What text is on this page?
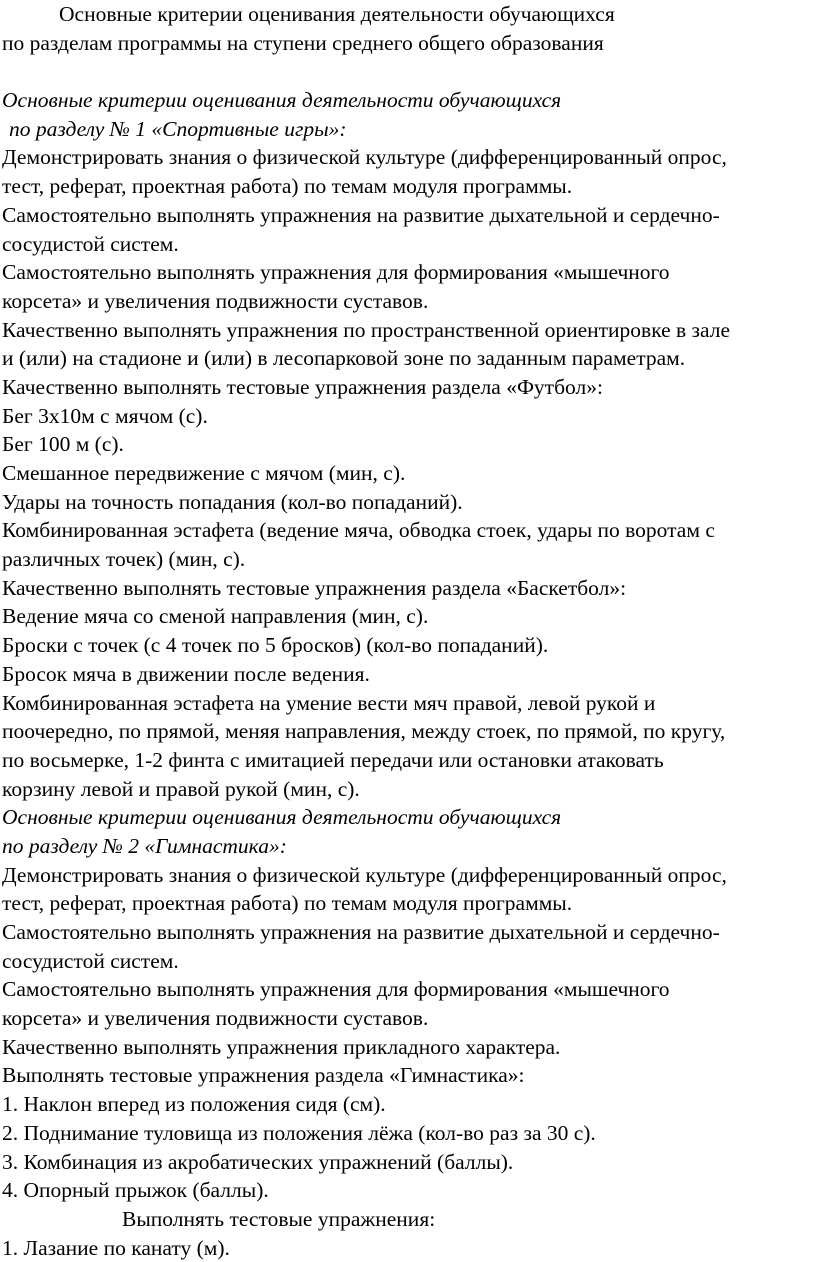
Основные критерии оценивания деятельности обучающихся
по разделам программы на ступени среднего общего образования
Основные критерии оценивания деятельности обучающихся
по разделу № 1 «Спортивные игры»:
Демонстрировать знания о физической культуре (дифференцированный опрос,
тест, реферат, проектная работа) по темам модуля программы.
Самостоятельно выполнять упражнения на развитие дыхательной и сердечно-
сосудистой систем.
Самостоятельно выполнять упражнения для формирования «мышечного
корсета» и увеличения подвижности суставов.
Качественно выполнять упражнения по пространственной ориентировке в зале
и (или) на стадионе и (или) в лесопарковой зоне по заданным параметрам.
Качественно выполнять тестовые упражнения раздела «Футбол»:
Бег 3х10м с мячом (с).
Бег 100 м (с).
Смешанное передвижение с мячом (мин, с).
Удары на точность попадания (кол-во попаданий).
Комбинированная эстафета (ведение мяча, обводка стоек, удары по воротам с
различных точек) (мин, с).
Качественно выполнять тестовые упражнения раздела «Баскетбол»:
Ведение мяча со сменой направления (мин, с).
Броски с точек (с 4 точек по 5 бросков) (кол-во попаданий).
Бросок мяча в движении после ведения.
Комбинированная эстафета на умение вести мяч правой, левой рукой и
поочередно, по прямой, меняя направления, между стоек, по прямой, по кругу,
по восьмерке, 1-2 финта с имитацией передачи или остановки атаковать
корзину левой и правой рукой (мин, с).
Основные критерии оценивания деятельности обучающихся
по разделу № 2 «Гимнастика»:
Демонстрировать знания о физической культуре (дифференцированный опрос,
тест, реферат, проектная работа) по темам модуля программы.
Самостоятельно выполнять упражнения на развитие дыхательной и сердечно-
сосудистой систем.
Самостоятельно выполнять упражнения для формирования «мышечного
корсета» и увеличения подвижности суставов.
Качественно выполнять упражнения прикладного характера.
Выполнять тестовые упражнения раздела «Гимнастика»:
1. Наклон вперед из положения сидя (см).
2. Поднимание туловища из положения лёжа (кол-во раз за 30 с).
3. Комбинация из акробатических упражнений (баллы).
4. Опорный прыжок (баллы).
Выполнять тестовые упражнения:
1. Лазание по канату (м).
